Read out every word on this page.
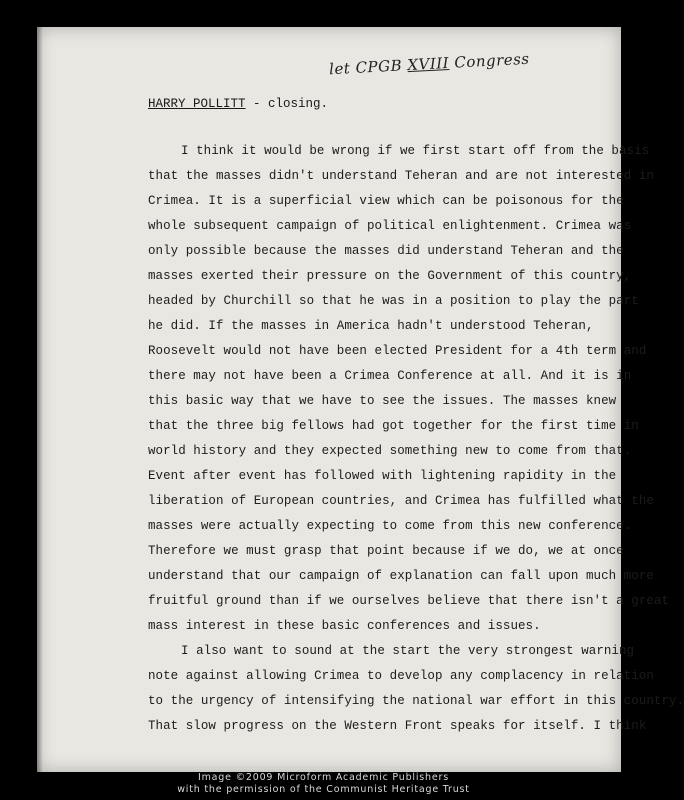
let CPGB XVIII Congress
HARRY POLLITT - closing.
I think it would be wrong if we first start off from the basis
that the masses didn't understand Teheran and are not interested in
Crimea. It is a superficial view which can be poisonous for the
whole subsequent campaign of political enlightenment. Crimea was
only possible because the masses did understand Teheran and the
masses exerted their pressure on the Government of this country,
headed by Churchill so that he was in a position to play the part
he did. If the masses in America hadn't understood Teheran,
Roosevelt would not have been elected President for a 4th term and
there may not have been a Crimea Conference at all. And it is in
this basic way that we have to see the issues. The masses knew
that the three big fellows had got together for the first time in
world history and they expected something new to come from that.
Event after event has followed with lightening rapidity in the
liberation of European countries, and Crimea has fulfilled what the
masses were actually expecting to come from this new conference.
Therefore we must grasp that point because if we do, we at once
understand that our campaign of explanation can fall upon much more
fruitful ground than if we ourselves believe that there isn't a great
mass interest in these basic conferences and issues.
I also want to sound at the start the very strongest warning
note against allowing Crimea to develop any complacency in relation
to the urgency of intensifying the national war effort in this country.
That slow progress on the Western Front speaks for itself. I think
Image ©2009 Microform Academic Publishers
with the permission of the Communist Heritage Trust
